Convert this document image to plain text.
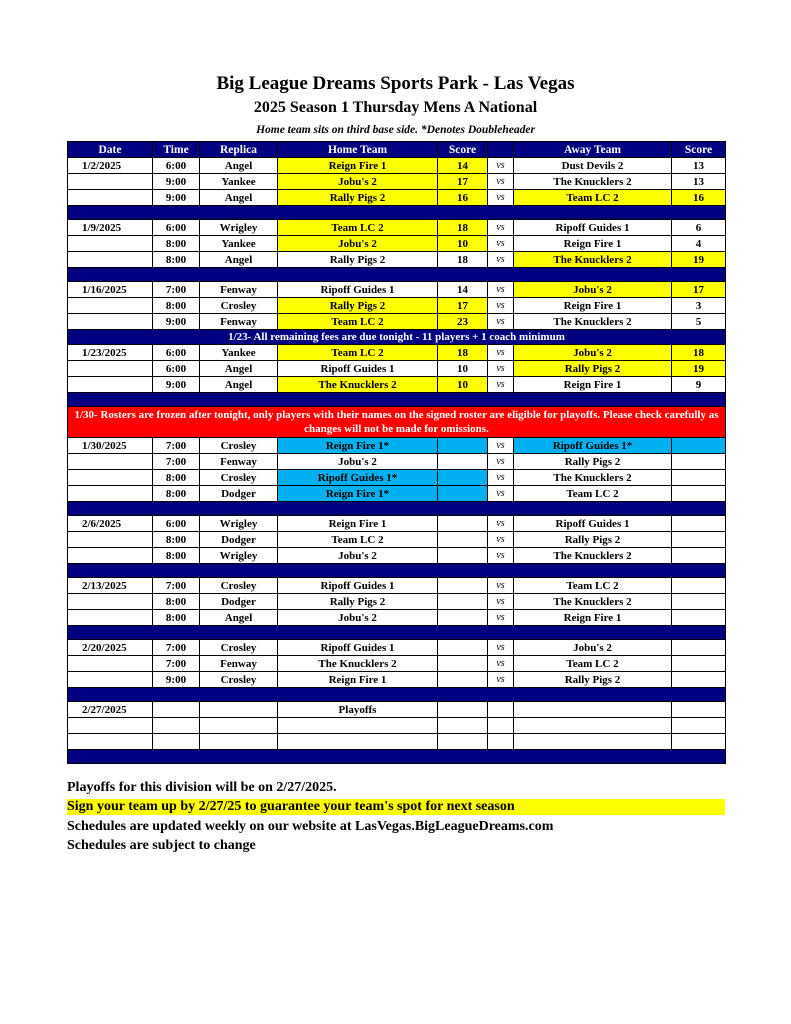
Big League Dreams Sports Park - Las Vegas
2025 Season 1 Thursday Mens A National
Home team sits on third base side. *Denotes Doubleheader
Date	Time	Replica	Home Team	Score		Away Team	Score
1/2/2025	6:00	Angel	Reign Fire 1	14	vs	Dust Devils 2	13
	9:00	Yankee	Jobu's 2	17	vs	The Knucklers 2	13
	9:00	Angel	Rally Pigs 2	16	vs	Team LC 2	16

1/9/2025	6:00	Wrigley	Team LC 2	18	vs	Ripoff Guides 1	6
	8:00	Yankee	Jobu's 2	10	vs	Reign Fire 1	4
	8:00	Angel	Rally Pigs 2	18	vs	The Knucklers 2	19

1/16/2025	7:00	Fenway	Ripoff Guides 1	14	vs	Jobu's 2	17
	8:00	Crosley	Rally Pigs 2	17	vs	Reign Fire 1	3
	9:00	Fenway	Team LC 2	23	vs	The Knucklers 2	5
1/23- All remaining fees are due tonight - 11 players + 1 coach minimum							
1/23/2025	6:00	Yankee	Team LC 2	18	vs	Jobu's 2	18
	6:00	Angel	Ripoff Guides 1	10	vs	Rally Pigs 2	19
	9:00	Angel	The Knucklers 2	10	vs	Reign Fire 1	9

1/30- Rosters are frozen after tonight, only players with their names on the signed roster are eligible for playoffs. Please check carefully as changes will not be made for omissions.							
1/30/2025	7:00	Crosley	Reign Fire 1*		vs	Ripoff Guides 1*	
	7:00	Fenway	Jobu's 2		vs	Rally Pigs 2	
	8:00	Crosley	Ripoff Guides 1*		vs	The Knucklers 2	
	8:00	Dodger	Reign Fire 1*		vs	Team LC 2	

2/6/2025	6:00	Wrigley	Reign Fire 1		vs	Ripoff Guides 1	
	8:00	Dodger	Team LC 2		vs	Rally Pigs 2	
	8:00	Wrigley	Jobu's 2		vs	The Knucklers 2	

2/13/2025	7:00	Crosley	Ripoff Guides 1		vs	Team LC 2	
	8:00	Dodger	Rally Pigs 2		vs	The Knucklers 2	
	8:00	Angel	Jobu's 2		vs	Reign Fire 1	

2/20/2025	7:00	Crosley	Ripoff Guides 1		vs	Jobu's 2	
	7:00	Fenway	The Knucklers 2		vs	Team LC 2	
	9:00	Crosley	Reign Fire 1		vs	Rally Pigs 2	

2/27/2025			Playoffs				

Playoffs for this division will be on 2/27/2025.
Sign your team up by 2/27/25 to guarantee your team's spot for next season
Schedules are updated weekly on our website at LasVegas.BigLeagueDreams.com
Schedules are subject to change
